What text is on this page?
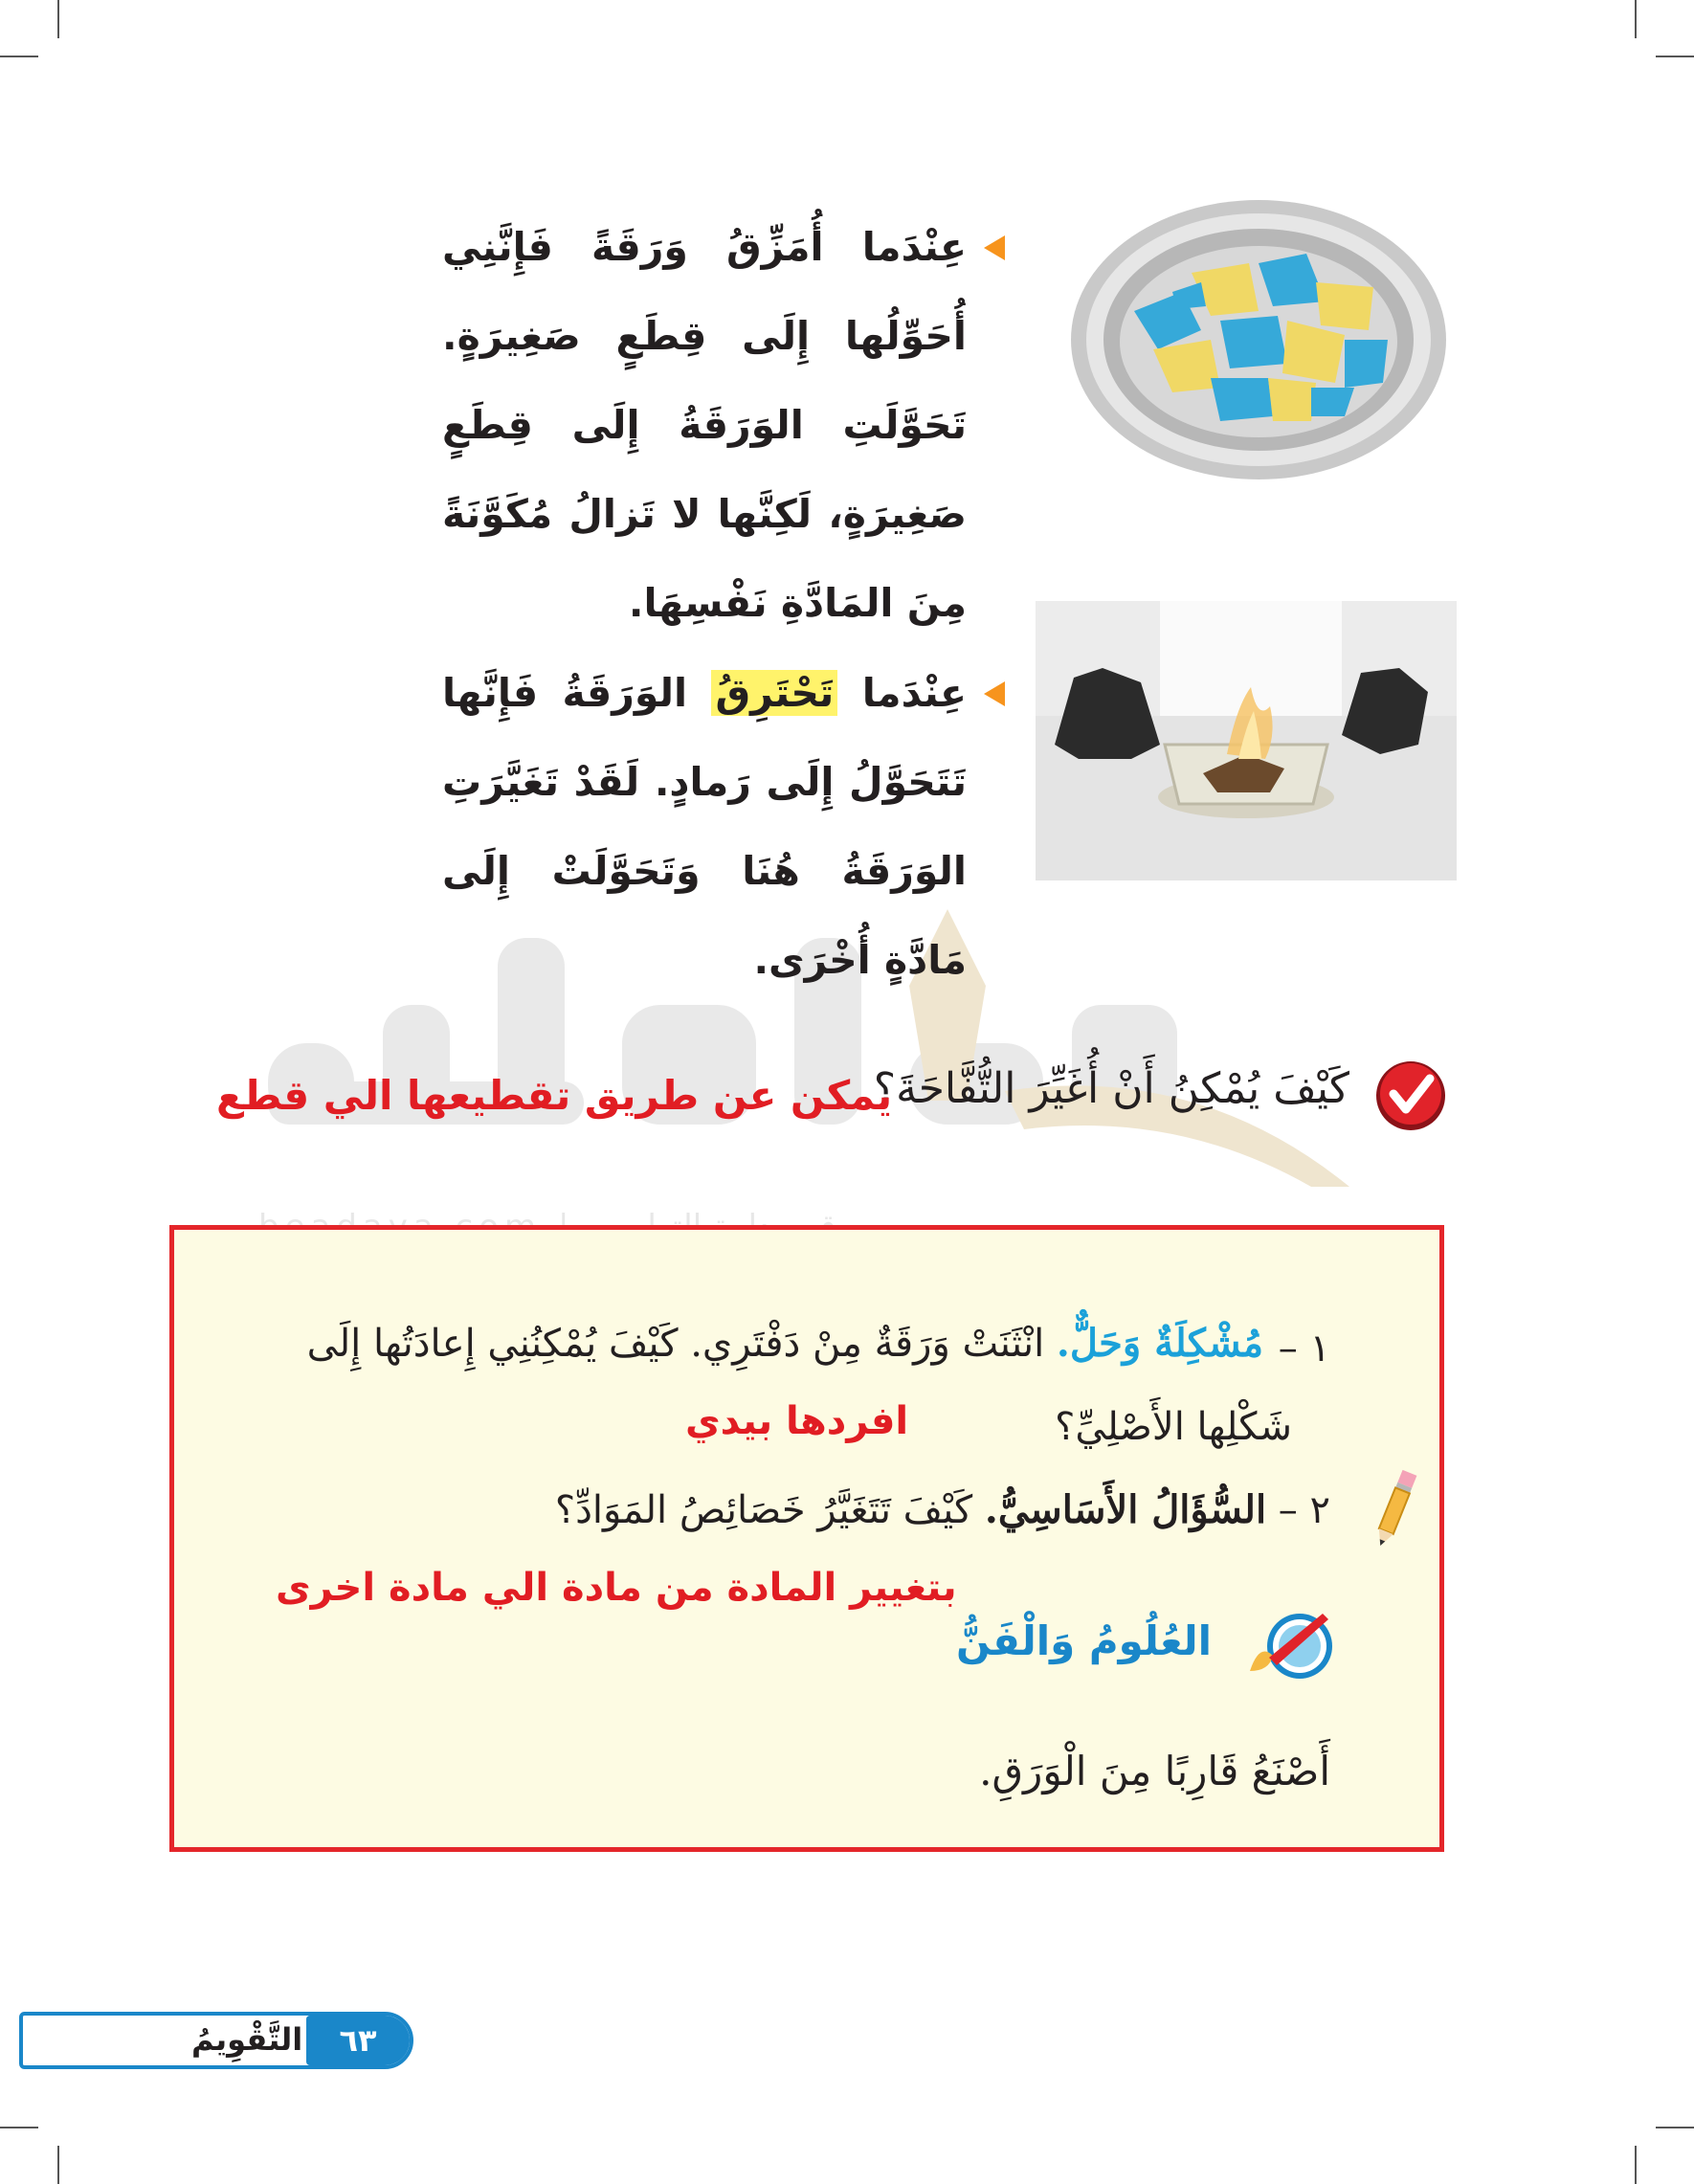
عِنْدَما أُمَزِّقُ وَرَقَةً فَإِنَّنِي أُحَوِّلُها إِلَى قِطَعٍ صَغِيرَةٍ. تَحَوَّلَتِ الوَرَقَةُ إِلَى قِطَعٍ صَغِيرَةٍ، لَكِنَّها لا تَزالُ مُكَوَّنَةً مِنَ المَادَّةِ نَفْسِهَا.
عِنْدَما تَحْتَرِقُ الوَرَقَةُ فَإِنَّها تَتَحَوَّلُ إِلَى رَمادٍ. لَقَدْ تَغَيَّرَتِ الوَرَقَةُ هُنَا وَتَحَوَّلَتْ إِلَى مَادَّةٍ أُخْرَى.
كَيْفَ يُمْكِنُ أَنْ أُغَيِّرَ التُّفَّاحَةَ؟
يمكن عن طريق تقطيعها الي قطع
١ –
مُشْكِلَةٌ وَحَلٌّ. انْثَنَتْ وَرَقَةٌ مِنْ دَفْتَرِي. كَيْفَ يُمْكِنُنِي إِعادَتُها إِلَى
شَكْلِها الأَصْلِيِّ؟
افردها بيدي
٢ – السُّؤَالُ الأَسَاسِيُّ. كَيْفَ تَتَغَيَّرُ خَصَائِصُ المَوَادِّ؟
بتغيير المادة من مادة الي مادة اخرى
العُلُومُ وَالْفَنُّ
أَصْنَعُ قَارِبًا مِنَ الْوَرَقِ.
٦٣
التَّقْوِيمُ
